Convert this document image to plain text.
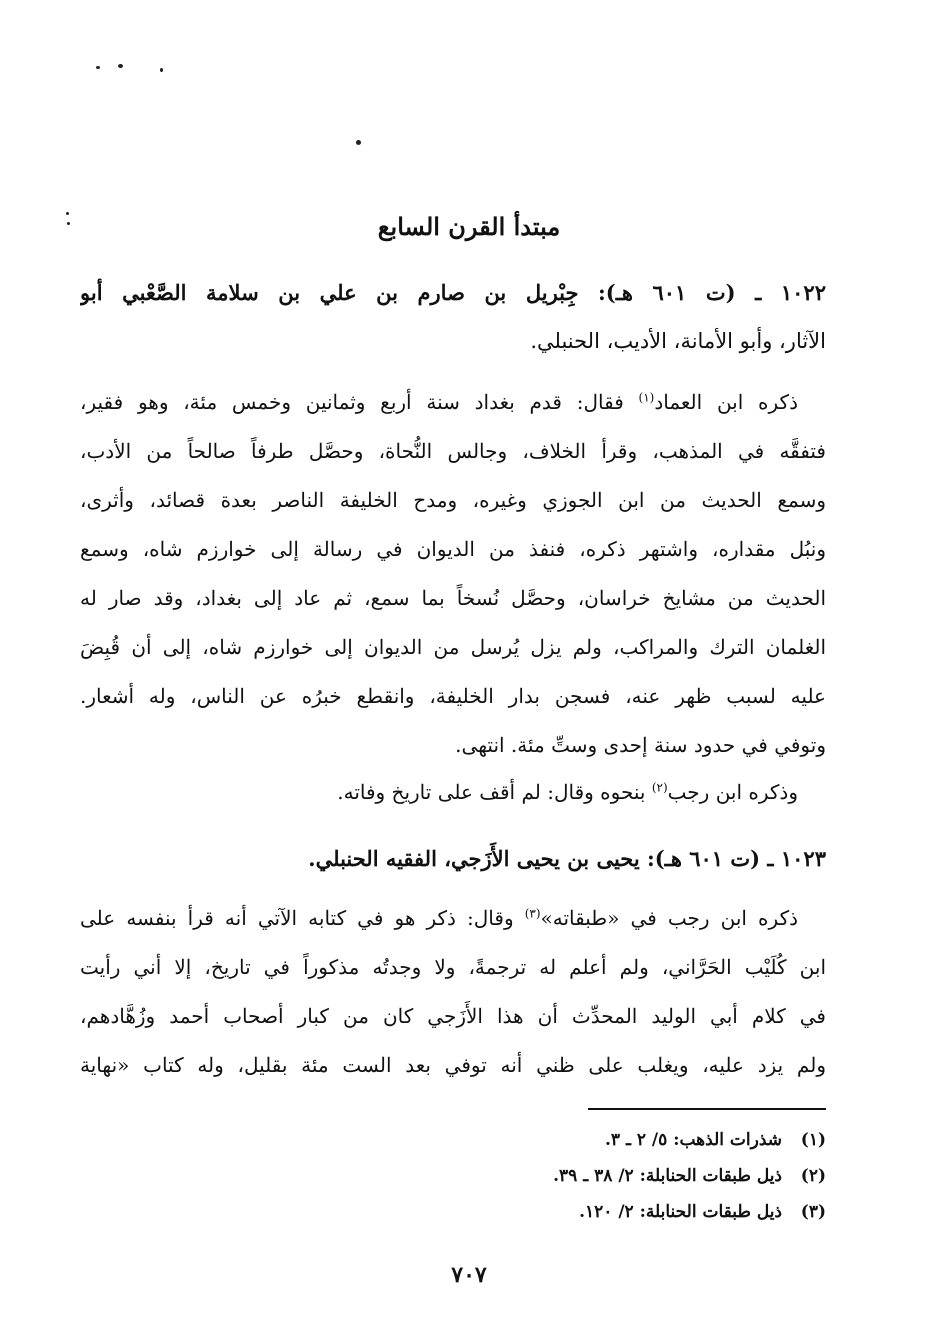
مبتدأ القرن السابع
١٠٢٢ ـ (ت ٦٠١ هـ): جِبْريل بن صارم بن علي بن سلامة الصَّعْبي أبو
الآثار، وأبو الأمانة، الأديب، الحنبلي.
ذكره ابن العماد$^{(١)}$ فقال: قدم بغداد سنة أربع وثمانين وخمس مئة، وهو فقير،
فتفقَّه في المذهب، وقرأ الخلاف، وجالس النُّحاة، وحصَّل طرفاً صالحاً من الأدب،
وسمع الحديث من ابن الجوزي وغيره، ومدح الخليفة الناصر بعدة قصائد، وأثرى،
ونبُل مقداره، واشتهر ذكره، فنفذ من الديوان في رسالة إلى خوارزم شاه، وسمع
الحديث من مشايخ خراسان، وحصَّل نُسخاً بما سمع، ثم عاد إلى بغداد، وقد صار له
الغلمان الترك والمراكب، ولم يزل يُرسل من الديوان إلى خوارزم شاه، إلى أن قُبِضَ
عليه لسبب ظهر عنه، فسجن بدار الخليفة، وانقطع خبرُه عن الناس، وله أشعار.
وتوفي في حدود سنة إحدى وستِّ مئة. انتهى.
وذكره ابن رجب$^{(٢)}$ بنحوه وقال: لم أقف على تاريخ وفاته.
١٠٢٣ ـ (ت ٦٠١ هـ): يحيى بن يحيى الأَزَجي، الفقيه الحنبلي.
ذكره ابن رجب في «طبقاته»$^{(٣)}$ وقال: ذكر هو في كتابه الآتي أنه قرأ بنفسه على
ابن كُلَيْب الحَرَّاني، ولم أعلم له ترجمةً، ولا وجدتُه مذكوراً في تاريخ، إلا أني رأيت
في كلام أبي الوليد المحدِّث أن هذا الأَزَجي كان من كبار أصحاب أحمد وزُهَّادهم،
ولم يزد عليه، ويغلب على ظني أنه توفي بعد الست مئة بقليل، وله كتاب «نهاية
(١)شذرات الذهب: ٥/ ٢ ـ ٣.
(٢)ذيل طبقات الحنابلة: ٢/ ٣٨ ـ ٣٩.
(٣)ذيل طبقات الحنابلة: ٢/ ١٢٠.
٧٠٧
